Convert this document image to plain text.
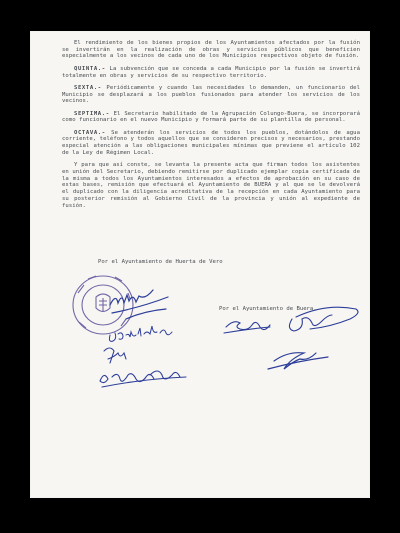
El rendimiento de los bienes propios de los Ayuntamientos afectados por la fusión se invertirán en la realización de obras y servicios públicos que beneficien especialmente a los vecinos de cada uno de los Municipios respectivos objeto de fusión.

QUINTA.- La subvención que se conceda a cada Municipio por la fusión se invertirá totalmente en obras y servicios de su respectivo territorio.

SEXTA.- Periódicamente y cuando las necesidades lo demanden, un funcionario del Municipio se desplazará a los pueblos fusionados para atender los servicios de los vecinos.

SEPTIMA.- El Secretario habilitado de la Agrupación Colungo-Buera, se incorporará como funcionario en el nuevo Municipio y formará parte de su plantilla de personal.

OCTAVA.- Se atenderán los servicios de todos los pueblos, dotándolos de agua corriente, teléfono y todos aquellos que se consideren precisos y necesarios, prestando especial atención a las obligaciones municipales mínimas que previene el artículo 102 de la Ley de Régimen Local.

Y para que así conste, se levanta la presente acta que firman todos los asistentes en unión del Secretario, debiendo remitirse por duplicado ejemplar copia certificada de la misma a todos los Ayuntamientos interesados a efectos de aprobación en su caso de estas bases, remisión que efectuará el Ayuntamiento de BUERA y al que se le devolverá el duplicado con la diligencia acreditativa de la recepción en cada Ayuntamiento para su posterior remisión al Gobierno Civil de la provincia y unión al expediente de fusión.

Por el Ayuntamiento de Huerta de Vero
Por el Ayuntamiento de Buera.
